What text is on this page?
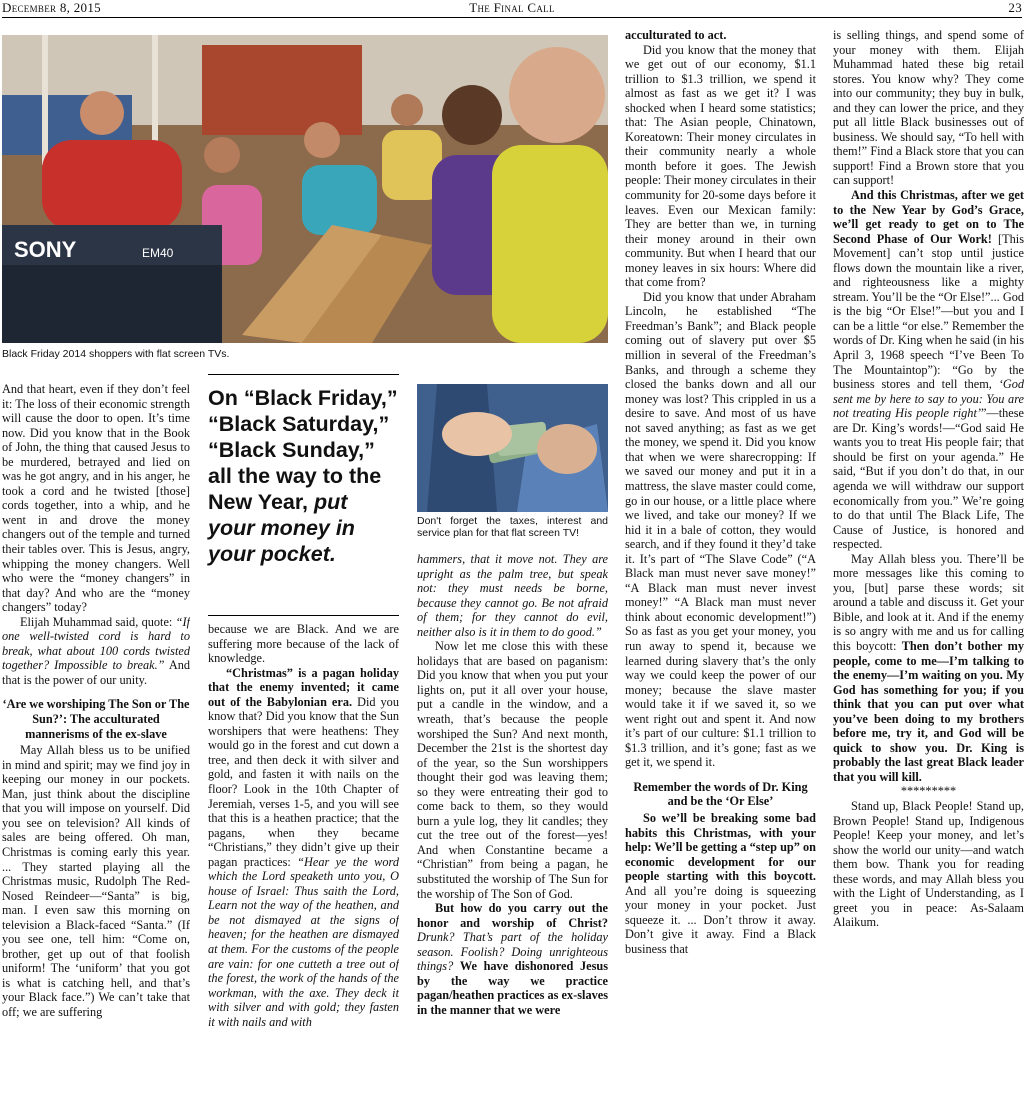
December 8, 2015	The Final Call	23
SONY	EM40
Black Friday 2014 shoppers with flat screen TVs.

And that heart, even if they don’t feel it: The loss of their economic strength will cause the door to open. It’s time now. Did you know that in the Book of John, the thing that caused Jesus to be murdered, betrayed and lied on was he got angry, and in his anger, he took a cord and he twisted [those] cords together, into a whip, and he went in and drove the money changers out of the temple and turned their tables over. This is Jesus, angry, whipping the money changers. Well who were the “money changers” in that day? And who are the “money changers” today?

Elijah Muhammad said, quote: “If one well-twisted cord is hard to break, what about 100 cords twisted together? Impossible to break.” And that is the power of our unity.

‘Are we worshiping The Son or The Sun?’: The acculturated mannerisms of the ex-slave

May Allah bless us to be unified in mind and spirit; may we find joy in keeping our money in our pockets. Man, just think about the discipline that you will impose on yourself. Did you see on television? All kinds of sales are being offered. Oh man, Christmas is coming early this year. ... They started playing all the Christmas music, Rudolph The Red-Nosed Reindeer—“Santa” is big, man. I even saw this morning on television a Black-faced “Santa.” (If you see one, tell him: “Come on, brother, get up out of that foolish uniform! The ‘uniform’ that you got is what is catching hell, and that’s your Black face.”) We can’t take that off; we are suffering

On “Black Friday,” “Black Saturday,” “Black Sunday,” all the way to the New Year, put your money in your pocket.

because we are Black. And we are suffering more because of the lack of knowledge.

“Christmas” is a pagan holiday that the enemy invented; it came out of the Babylonian era. Did you know that? Did you know that the Sun worshipers that were heathens: They would go in the forest and cut down a tree, and then deck it with silver and gold, and fasten it with nails on the floor? Look in the 10th Chapter of Jeremiah, verses 1-5, and you will see that this is a heathen practice; that the pagans, when they became “Christians,” they didn’t give up their pagan practices: “Hear ye the word which the Lord speaketh unto you, O house of Israel: Thus saith the Lord, Learn not the way of the heathen, and be not dismayed at the signs of heaven; for the heathen are dismayed at them. For the customs of the people are vain: for one cutteth a tree out of the forest, the work of the hands of the workman, with the axe. They deck it with silver and with gold; they fasten it with nails and with

Don't forget the taxes, interest and service plan for that flat screen TV!

hammers, that it move not. They are upright as the palm tree, but speak not: they must needs be borne, because they cannot go. Be not afraid of them; for they cannot do evil, neither also is it in them to do good.”

Now let me close this with these holidays that are based on paganism: Did you know that when you put your lights on, put it all over your house, put a candle in the window, and a wreath, that’s because the people worshiped the Sun? And next month, December the 21st is the shortest day of the year, so the Sun worshippers thought their god was leaving them; so they were entreating their god to come back to them, so they would burn a yule log, they lit candles; they cut the tree out of the forest—yes! And when Constantine became a “Christian” from being a pagan, he substituted the worship of The Sun for the worship of The Son of God.

But how do you carry out the honor and worship of Christ? Drunk? That’s part of the holiday season. Foolish? Doing unrighteous things? We have dishonored Jesus by the way we practice pagan/heathen practices as ex-slaves in the manner that we were

acculturated to act.

Did you know that the money that we get out of our economy, $1.1 trillion to $1.3 trillion, we spend it almost as fast as we get it? I was shocked when I heard some statistics; that: The Asian people, Chinatown, Koreatown: Their money circulates in their community nearly a whole month before it goes. The Jewish people: Their money circulates in their community for 20-some days before it leaves. Even our Mexican family: They are better than we, in turning their money around in their own community. But when I heard that our money leaves in six hours: Where did that come from?

Did you know that under Abraham Lincoln, he established “The Freedman’s Bank”; and Black people coming out of slavery put over $5 million in several of the Freedman’s Banks, and through a scheme they closed the banks down and all our money was lost? This crippled in us a desire to save. And most of us have not saved anything; as fast as we get the money, we spend it. Did you know that when we were sharecropping: If we saved our money and put it in a mattress, the slave master could come, go in our house, or a little place where we lived, and take our money? If we hid it in a bale of cotton, they would search, and if they found it they’d take it. It’s part of “The Slave Code” (“A Black man must never save money!” “A Black man must never invest money!” “A Black man must never think about economic development!”) So as fast as you get your money, you run away to spend it, because we learned during slavery that’s the only way we could keep the power of our money; because the slave master would take it if we saved it, so we went right out and spent it. And now it’s part of our culture: $1.1 trillion to $1.3 trillion, and it’s gone; fast as we get it, we spend it.

Remember the words of Dr. King and be the ‘Or Else’

So we’ll be breaking some bad habits this Christmas, with your help: We’ll be getting a “step up” on economic development for our people starting with this boycott. And all you’re doing is squeezing your money in your pocket. Just squeeze it. ... Don’t throw it away. Don’t give it away. Find a Black business that

is selling things, and spend some of your money with them. Elijah Muhammad hated these big retail stores. You know why? They come into our community; they buy in bulk, and they can lower the price, and they put all little Black businesses out of business. We should say, “To hell with them!” Find a Black store that you can support! Find a Brown store that you can support!

And this Christmas, after we get to the New Year by God’s Grace, we’ll get ready to get on to The Second Phase of Our Work! [This Movement] can’t stop until justice flows down the mountain like a river, and righteousness like a mighty stream. You’ll be the “Or Else!”... God is the big “Or Else!”—but you and I can be a little “or else.” Remember the words of Dr. King when he said (in his April 3, 1968 speech “I’ve Been To The Mountaintop”): “Go by the business stores and tell them, ‘God sent me by here to say to you: You are not treating His people right’”—these are Dr. King’s words!—“God said He wants you to treat His people fair; that should be first on your agenda.” He said, “But if you don’t do that, in our agenda we will withdraw our support economically from you.” We’re going to do that until The Black Life, The Cause of Justice, is honored and respected.

May Allah bless you. There’ll be more messages like this coming to you, [but] parse these words; sit around a table and discuss it. Get your Bible, and look at it. And if the enemy is so angry with me and us for calling this boycott: Then don’t bother my people, come to me—I’m talking to the enemy—I’m waiting on you. My God has something for you; if you think that you can put over what you’ve been doing to my brothers before me, try it, and God will be quick to show you. Dr. King is probably the last great Black leader that you will kill.

*********

Stand up, Black People! Stand up, Brown People! Stand up, Indigenous People! Keep your money, and let’s show the world our unity—and watch them bow. Thank you for reading these words, and may Allah bless you with the Light of Understanding, as I greet you in peace: As-Salaam Alaikum.
